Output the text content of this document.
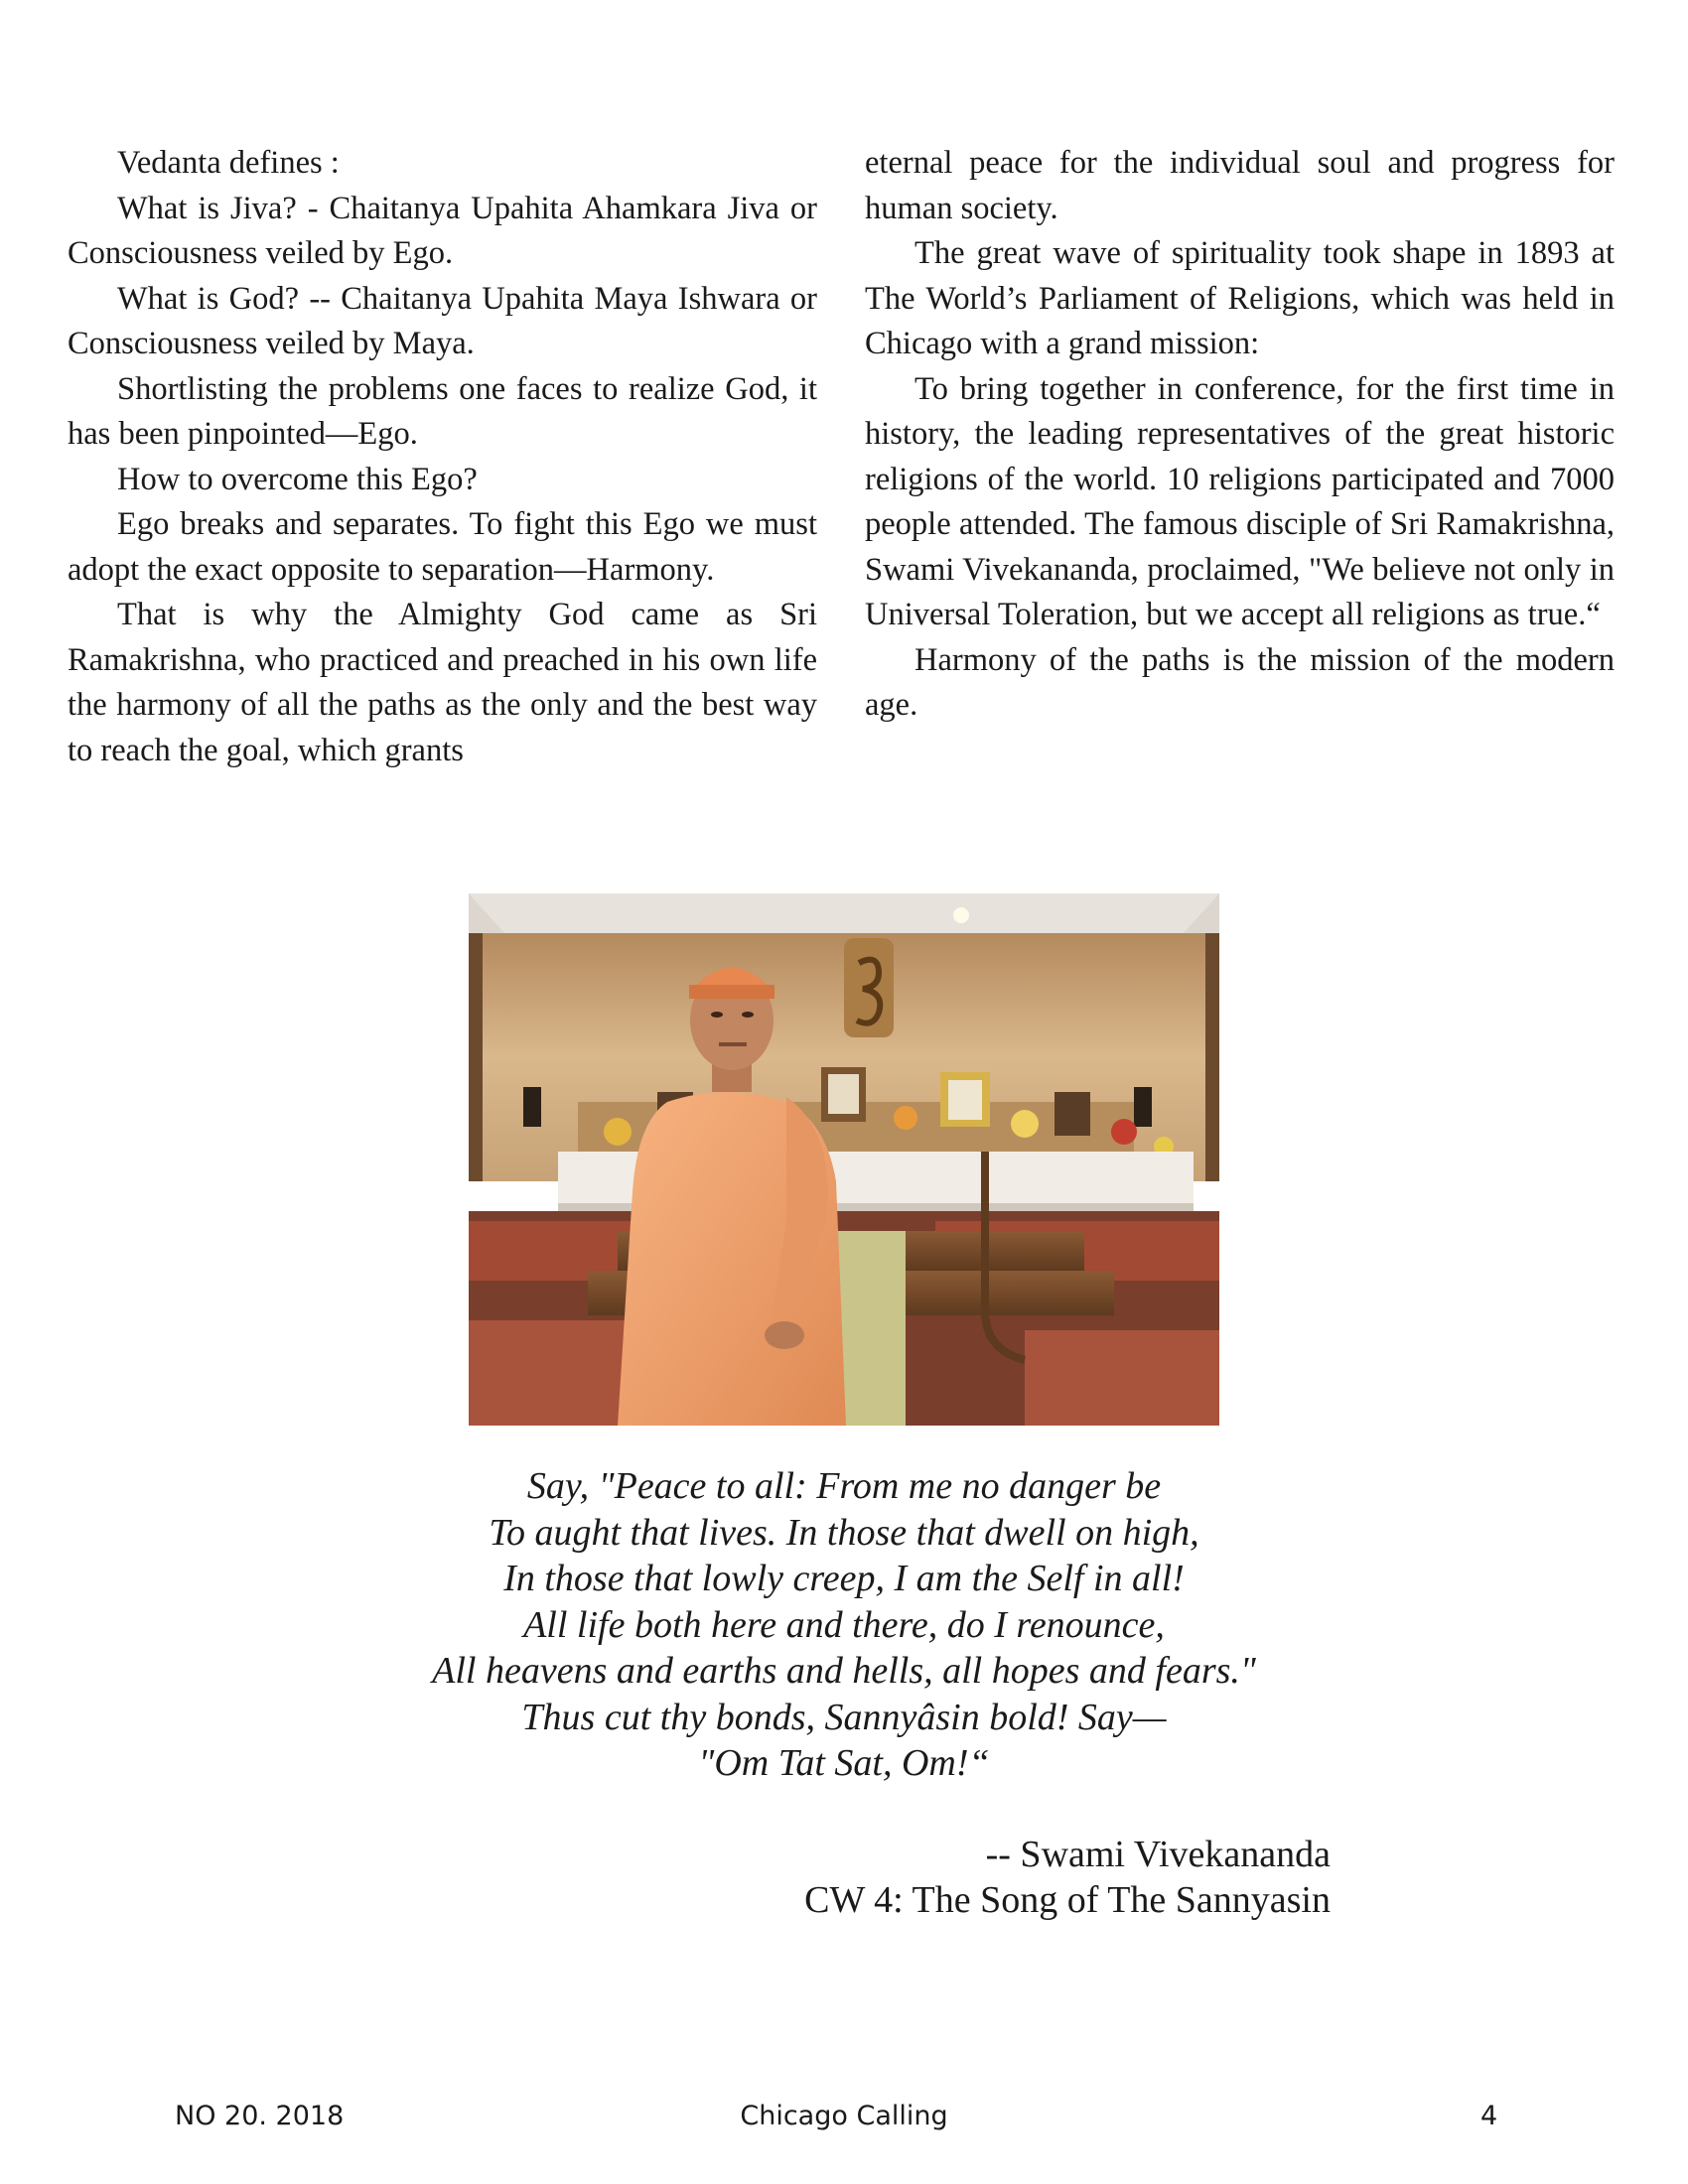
Vedanta defines :

What is Jiva? - Chaitanya Upahita Ahamkara Jiva or Consciousness veiled by Ego.

What is God? -- Chaitanya Upahita Maya Ishwara or Consciousness veiled by Maya.

Shortlisting the problems one faces to realize God, it has been pinpointed—Ego.

How to overcome this Ego?

Ego breaks and separates. To fight this Ego we must adopt the exact opposite to separation—Harmony.

That is why the Almighty God came as Sri Ramakrishna, who practiced and preached in his own life the harmony of all the paths as the only and the best way to reach the goal, which grants

eternal peace for the individual soul and progress for human society.

The great wave of spirituality took shape in 1893 at The World’s Parliament of Religions, which was held in Chicago with a grand mission:

To bring together in conference, for the first time in history, the leading representatives of the great historic religions of the world. 10 religions participated and 7000 people attended. The famous disciple of Sri Ramakrishna, Swami Vivekananda, proclaimed, "We believe not only in Universal Toleration, but we accept all religions as true.“

Harmony of the paths is the mission of the modern age.

Say, "Peace to all: From me no danger be
To aught that lives. In those that dwell on high,
In those that lowly creep, I am the Self in all!
All life both here and there, do I renounce,
All heavens and earths and hells, all hopes and fears."
Thus cut thy bonds, Sannyâsin bold! Say—
"Om Tat Sat, Om!“
-- Swami Vivekananda
CW 4: The Song of The Sannyasin
NO 20. 2018	Chicago Calling	4
